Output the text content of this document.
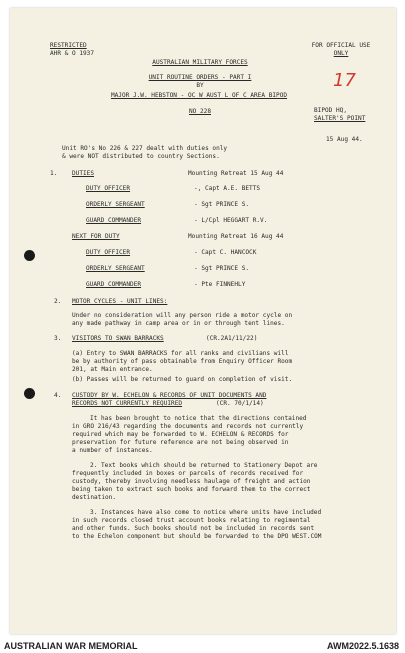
RESTRICTED
AHR & O 1937
FOR OFFICIAL USE
ONLY
17
AUSTRALIAN MILITARY FORCES
UNIT ROUTINE ORDERS - PART I
BY
MAJOR J.W. HEBSTON - OC W AUST L OF C AREA BIPOD
NO 228	BIPOD HQ,
SALTER'S POINT
15 Aug 44.
Unit RO's No 226 & 227 dealt with duties only
& were NOT distributed to country Sections.
1. DUTIES	Mounting Retreat 15 Aug 44
DUTY OFFICER	-, Capt A.E. BETTS
ORDERLY SERGEANT	- Sgt PRINCE S.
GUARD COMMANDER	- L/Cpl HEGGART R.V.
NEXT FOR DUTY	Mounting Retreat 16 Aug 44
DUTY OFFICER	- Capt C. HANCOCK
ORDERLY SERGEANT	- Sgt PRINCE S.
GUARD COMMANDER	- Pte FINNEHLY
2. MOTOR CYCLES - UNIT LINES:
Under no consideration will any person ride a motor cycle on
any made pathway in camp area or in or through tent lines.
3. VISITORS TO SWAN BARRACKS	(CR.2A1/11/22)
(a) Entry to SWAN BARRACKS for all ranks and civilians will
be by authority of pass obtainable from Enquiry Officer Room
201, at Main entrance.
(b) Passes will be returned to guard on completion of visit.
4. CUSTODY BY W. ECHELON & RECORDS OF UNIT DOCUMENTS AND
RECORDS NOT CURRENTLY REQUIRED	(CR. 70/1/14)
It has been brought to notice that the directions contained
in GRO 216/43 regarding the documents and records not currently
required which may be forwarded to W. ECHELON & RECORDS for
preservation for future reference are not being observed in
a number of instances.
2. Text books which should be returned to Stationery Depot are
frequently included in boxes or parcels of records received for
custody, thereby involving needless haulage of freight and action
being taken to extract such books and forward them to the correct
destination.
3. Instances have also come to notice where units have included
in such records closed trust account books relating to regimental
and other funds. Such books should not be included in records sent
to the Echelon component but should be forwarded to the DPO WEST.COM
AUSTRALIAN WAR MEMORIAL	AWM2022.5.1638
